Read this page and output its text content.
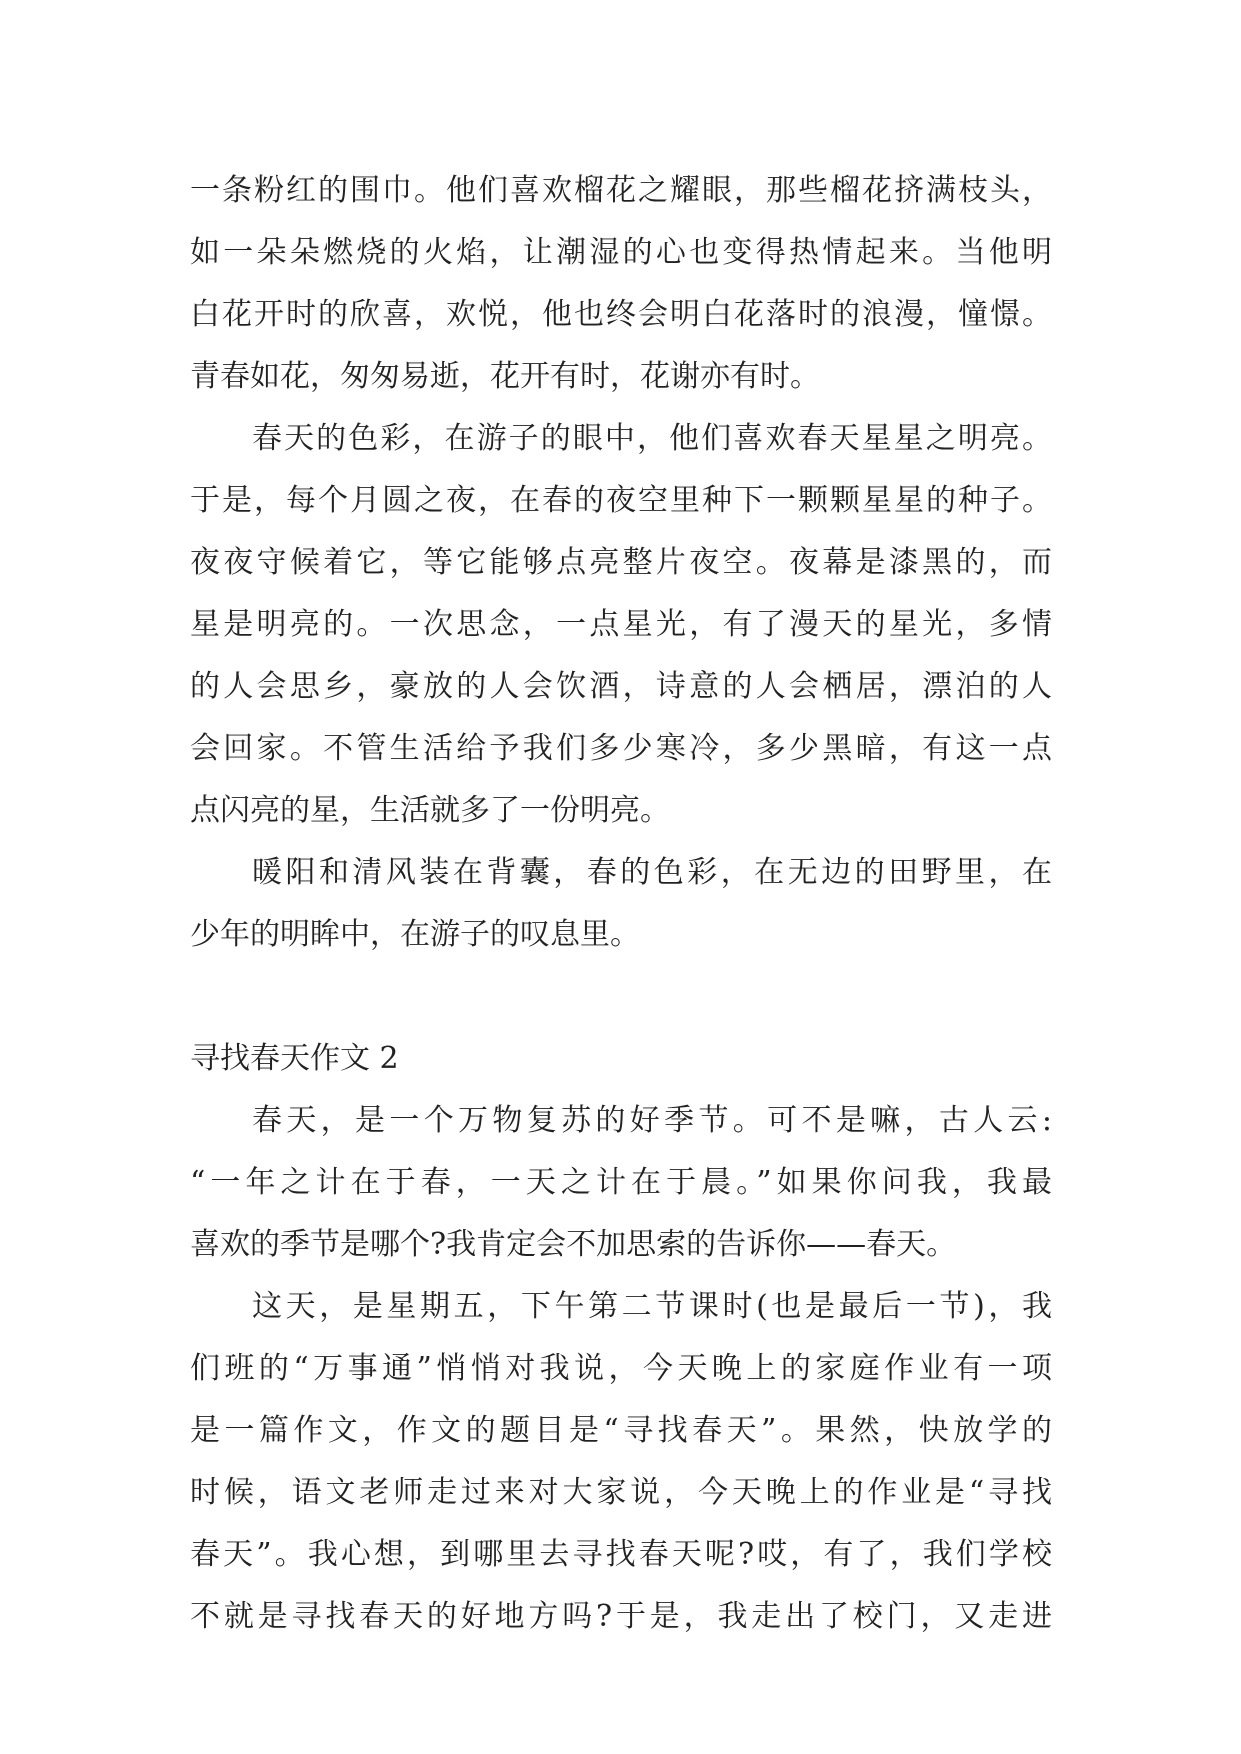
一条粉红的围巾。他们喜欢榴花之耀眼，那些榴花挤满枝头，
如一朵朵燃烧的火焰，让潮湿的心也变得热情起来。当他明
白花开时的欣喜，欢悦，他也终会明白花落时的浪漫，憧憬。
青春如花，匆匆易逝，花开有时，花谢亦有时。
春天的色彩，在游子的眼中，他们喜欢春天星星之明亮。
于是，每个月圆之夜，在春的夜空里种下一颗颗星星的种子。
夜夜守候着它，等它能够点亮整片夜空。夜幕是漆黑的，而
星是明亮的。一次思念，一点星光，有了漫天的星光，多情
的人会思乡，豪放的人会饮酒，诗意的人会栖居，漂泊的人
会回家。不管生活给予我们多少寒冷，多少黑暗，有这一点
点闪亮的星，生活就多了一份明亮。
暖阳和清风装在背囊，春的色彩，在无边的田野里，在
少年的明眸中，在游子的叹息里。
寻找春天作文 2
春天，是一个万物复苏的好季节。可不是嘛，古人云:
“一年之计在于春，一天之计在于晨。”如果你问我，我最
喜欢的季节是哪个?我肯定会不加思索的告诉你——春天。
这天，是星期五，下午第二节课时(也是最后一节)，我
们班的“万事通”悄悄对我说，今天晚上的家庭作业有一项
是一篇作文，作文的题目是“寻找春天”。果然，快放学的
时候，语文老师走过来对大家说，今天晚上的作业是“寻找
春天”。我心想，到哪里去寻找春天呢?哎，有了，我们学校
不就是寻找春天的好地方吗?于是，我走出了校门，又走进
